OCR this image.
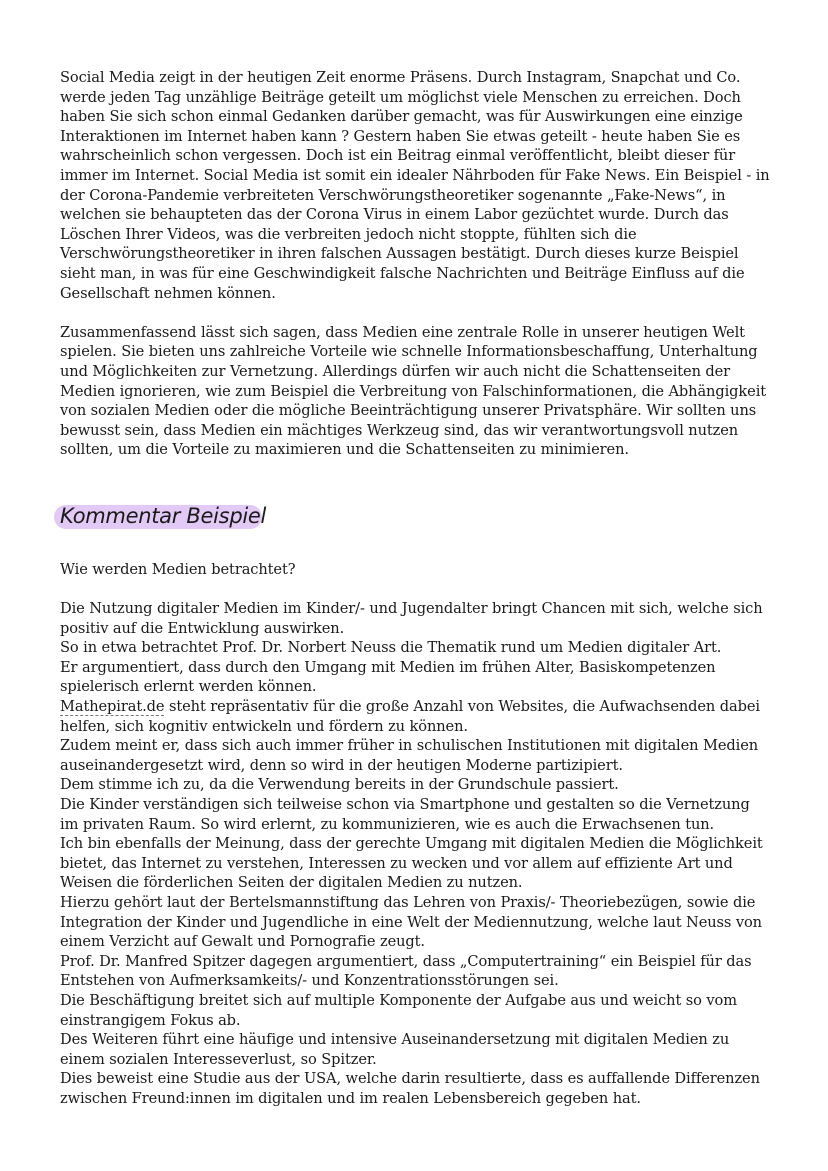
Social Media zeigt in der heutigen Zeit enorme Präsens. Durch Instagram, Snapchat und Co. werde jeden Tag unzählige Beiträge geteilt um möglichst viele Menschen zu erreichen. Doch haben Sie sich schon einmal Gedanken darüber gemacht, was für Auswirkungen eine einzige Interaktionen im Internet haben kann ? Gestern haben Sie etwas geteilt - heute haben Sie es wahrscheinlich schon vergessen. Doch ist ein Beitrag einmal veröffentlicht, bleibt dieser für immer im Internet. Social Media ist somit ein idealer Nährboden für Fake News. Ein Beispiel - in der Corona-Pandemie verbreiteten Verschwörungstheoretiker sogenannte „Fake-News“, in welchen sie behaupteten das der Corona Virus in einem Labor gezüchtet wurde. Durch das Löschen Ihrer Videos, was die verbreiten jedoch nicht stoppte, fühlten sich die Verschwörungstheoretiker in ihren falschen Aussagen bestätigt. Durch dieses kurze Beispiel sieht man, in was für eine Geschwindigkeit falsche Nachrichten und Beiträge Einfluss auf die Gesellschaft nehmen können.

Zusammenfassend lässt sich sagen, dass Medien eine zentrale Rolle in unserer heutigen Welt spielen. Sie bieten uns zahlreiche Vorteile wie schnelle Informationsbeschaffung, Unterhaltung und Möglichkeiten zur Vernetzung. Allerdings dürfen wir auch nicht die Schattenseiten der Medien ignorieren, wie zum Beispiel die Verbreitung von Falschinformationen, die Abhängigkeit von sozialen Medien oder die mögliche Beeinträchtigung unserer Privatsphäre. Wir sollten uns bewusst sein, dass Medien ein mächtiges Werkzeug sind, das wir verantwortungsvoll nutzen sollten, um die Vorteile zu maximieren und die Schattenseiten zu minimieren.

Kommentar Beispiel

Wie werden Medien betrachtet?

Die Nutzung digitaler Medien im Kinder/- und Jugendalter bringt Chancen mit sich, welche sich positiv auf die Entwicklung auswirken.
So in etwa betrachtet Prof. Dr. Norbert Neuss die Thematik rund um Medien digitaler Art.
Er argumentiert, dass durch den Umgang mit Medien im frühen Alter, Basiskompetenzen spielerisch erlernt werden können.
Mathepirat.de steht repräsentativ für die große Anzahl von Websites, die Aufwachsenden dabei helfen, sich kognitiv entwickeln und fördern zu können.
Zudem meint er, dass sich auch immer früher in schulischen Institutionen mit digitalen Medien auseinandergesetzt wird, denn so wird in der heutigen Moderne partizipiert.
Dem stimme ich zu, da die Verwendung bereits in der Grundschule passiert.
Die Kinder verständigen sich teilweise schon via Smartphone und gestalten so die Vernetzung im privaten Raum. So wird erlernt, zu kommunizieren, wie es auch die Erwachsenen tun.
Ich bin ebenfalls der Meinung, dass der gerechte Umgang mit digitalen Medien die Möglichkeit bietet, das Internet zu verstehen, Interessen zu wecken und vor allem auf effiziente Art und Weisen die förderlichen Seiten der digitalen Medien zu nutzen.
Hierzu gehört laut der Bertelsmannstiftung das Lehren von Praxis/- Theoriebezügen, sowie die Integration der Kinder und Jugendliche in eine Welt der Mediennutzung, welche laut Neuss von einem Verzicht auf Gewalt und Pornografie zeugt.
Prof. Dr. Manfred Spitzer dagegen argumentiert, dass „Computertraining“ ein Beispiel für das Entstehen von Aufmerksamkeits/- und Konzentrationsstörungen sei.
Die Beschäftigung breitet sich auf multiple Komponente der Aufgabe aus und weicht so vom einstrangigem Fokus ab.
Des Weiteren führt eine häufige und intensive Auseinandersetzung mit digitalen Medien zu einem sozialen Interesseverlust, so Spitzer.
Dies beweist eine Studie aus der USA, welche darin resultierte, dass es auffallende Differenzen zwischen Freund:innen im digitalen und im realen Lebensbereich gegeben hat.
